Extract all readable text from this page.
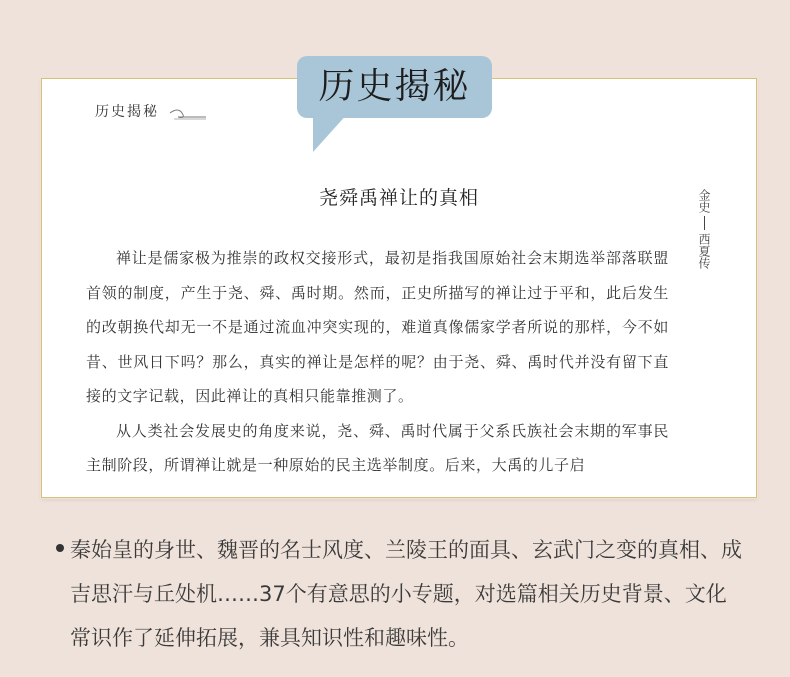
历史揭秘
尧舜禹禅让的真相	金史
西夏传

禅让是儒家极为推崇的政权交接形式，最初是指我国原始社会末期选举部落联盟首领的制度，产生于尧、舜、禹时期。然而，正史所描写的禅让过于平和，此后发生的改朝换代却无一不是通过流血冲突实现的，难道真像儒家学者所说的那样，今不如昔、世风日下吗？那么，真实的禅让是怎样的呢？由于尧、舜、禹时代并没有留下直接的文字记载，因此禅让的真相只能靠推测了。

从人类社会发展史的角度来说，尧、舜、禹时代属于父系氏族社会末期的军事民主制阶段，所谓禅让就是一种原始的民主选举制度。后来，大禹的儿子启

历史揭秘
秦始皇的身世、魏晋的名士风度、兰陵王的面具、玄武门之变的真相、成吉思汗与丘处机……37个有意思的小专题，对选篇相关历史背景、文化常识作了延伸拓展，兼具知识性和趣味性。
